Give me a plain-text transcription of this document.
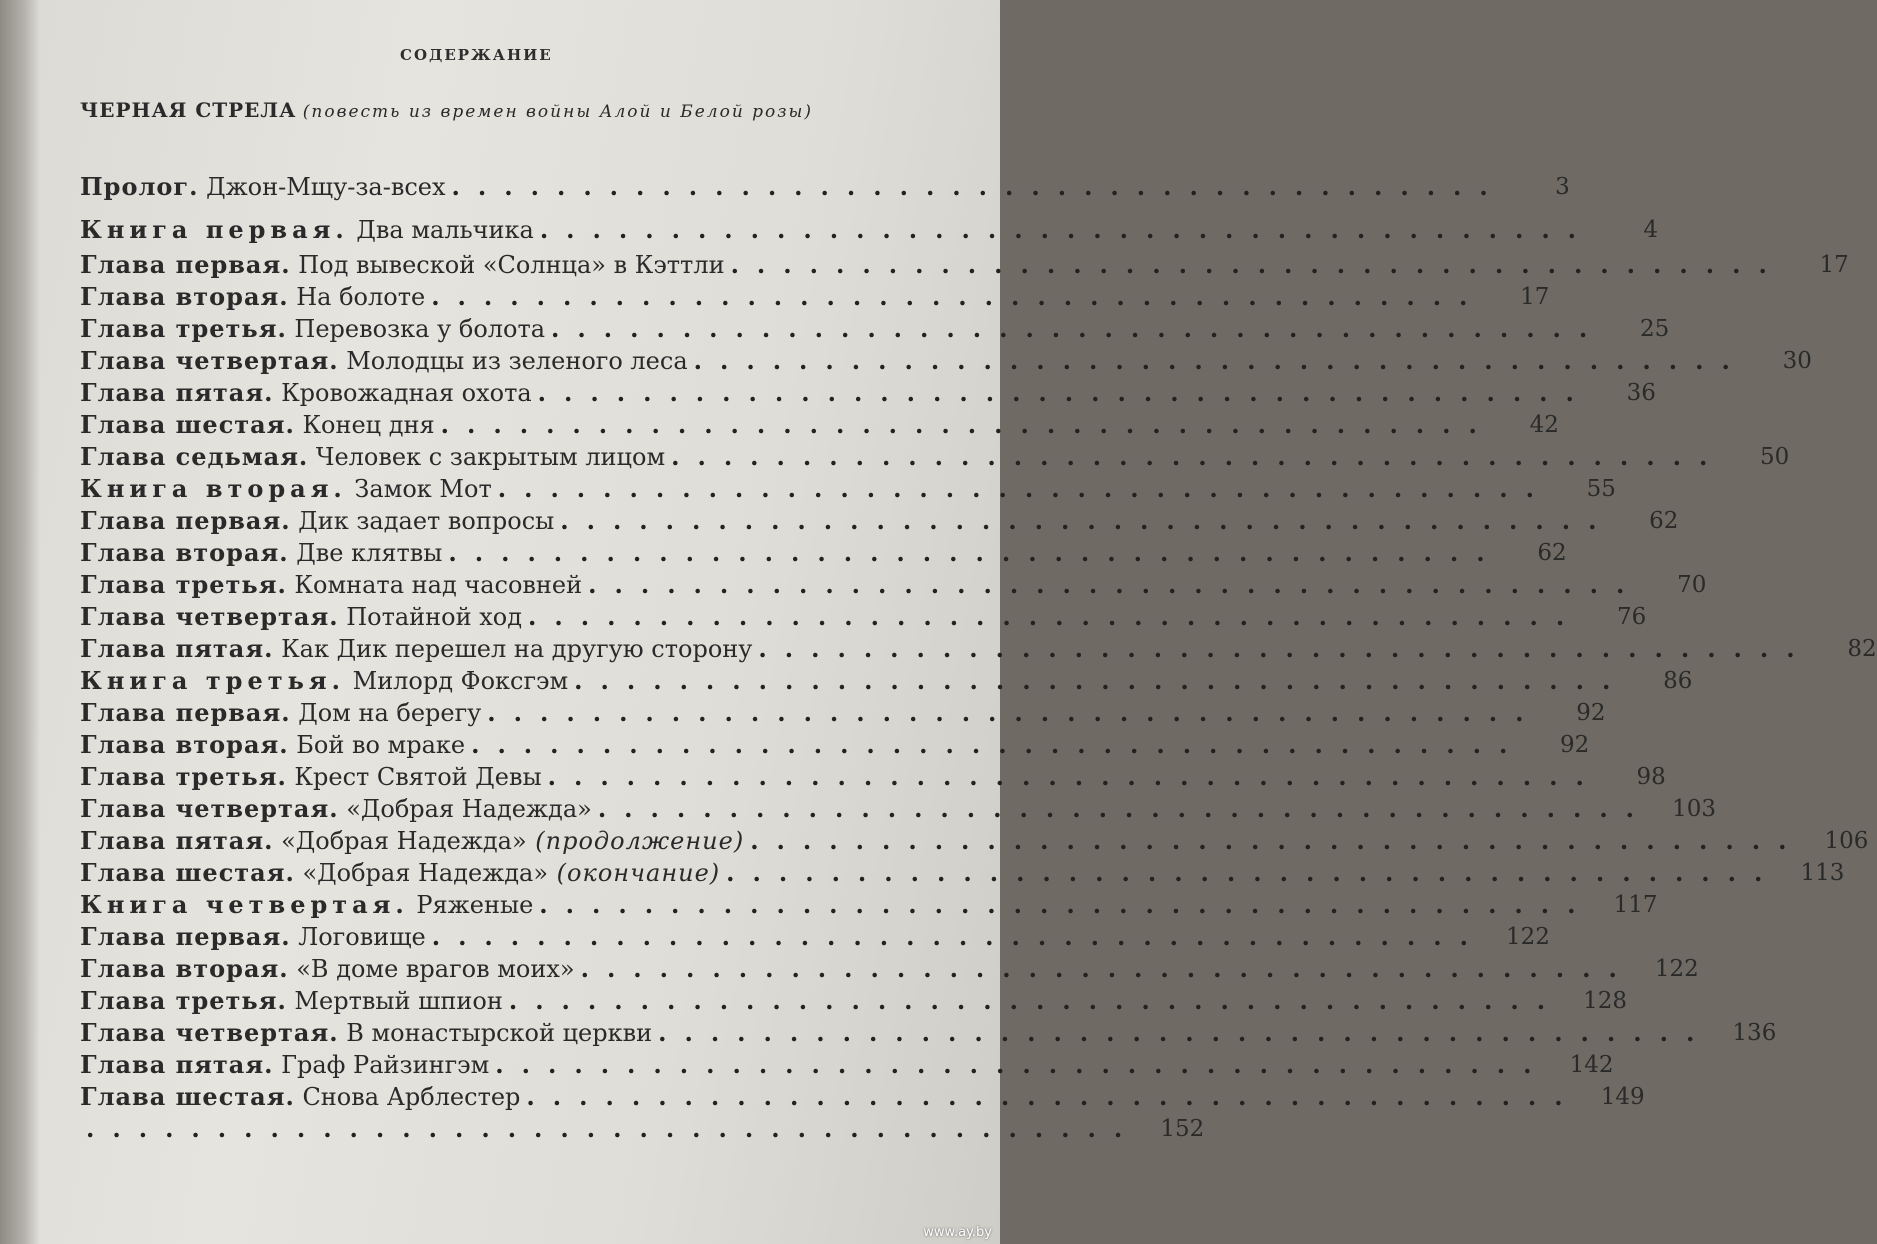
СОДЕРЖАНИЕ
ЧЕРНАЯ СТРЕЛА (повесть из времен войны Алой и Белой розы)
Пролог. Джон-Мщу-за-всех ........................................	3
Книга первая. Два мальчика ........................................	4
Глава первая. Под вывеской «Солнца» в Кэттли ........................................	17
Глава вторая. На болоте ........................................	17
Глава третья. Перевозка у болота ........................................	25
Глава четвертая. Молодцы из зеленого леса ........................................	30
Глава пятая. Кровожадная охота ........................................	36
Глава шестая. Конец дня ........................................	42
Глава седьмая. Человек с закрытым лицом ........................................	50
Книга вторая. Замок Мот ........................................	55
Глава первая. Дик задает вопросы ........................................	62
Глава вторая. Две клятвы ........................................	62
Глава третья. Комната над часовней ........................................	70
Глава четвертая. Потайной ход ........................................	76
Глава пятая. Как Дик перешел на другую сторону ........................................	82
Книга третья. Милорд Фоксгэм ........................................	86
Глава первая. Дом на берегу ........................................	92
Глава вторая. Бой во мраке ........................................	92
Глава третья. Крест Святой Девы ........................................	98
Глава четвертая. «Добрая Надежда» ........................................ 103
Глава пятая. «Добрая Надежда» (продолжение) ........................................ 106
Глава шестая. «Добрая Надежда» (окончание) ........................................ 113
Книга четвертая. Ряженые ........................................ 117
Глава первая. Логовище ........................................ 122
Глава вторая. «В доме врагов моих» ........................................ 122
Глава третья. Мертвый шпион ........................................ 128
Глава четвертая. В монастырской церкви ........................................ 136
Глава пятая. Граф Райзингэм ........................................ 142
Глава шестая. Снова Арблестер ........................................ 149
........................................ 152
www.ay.by
